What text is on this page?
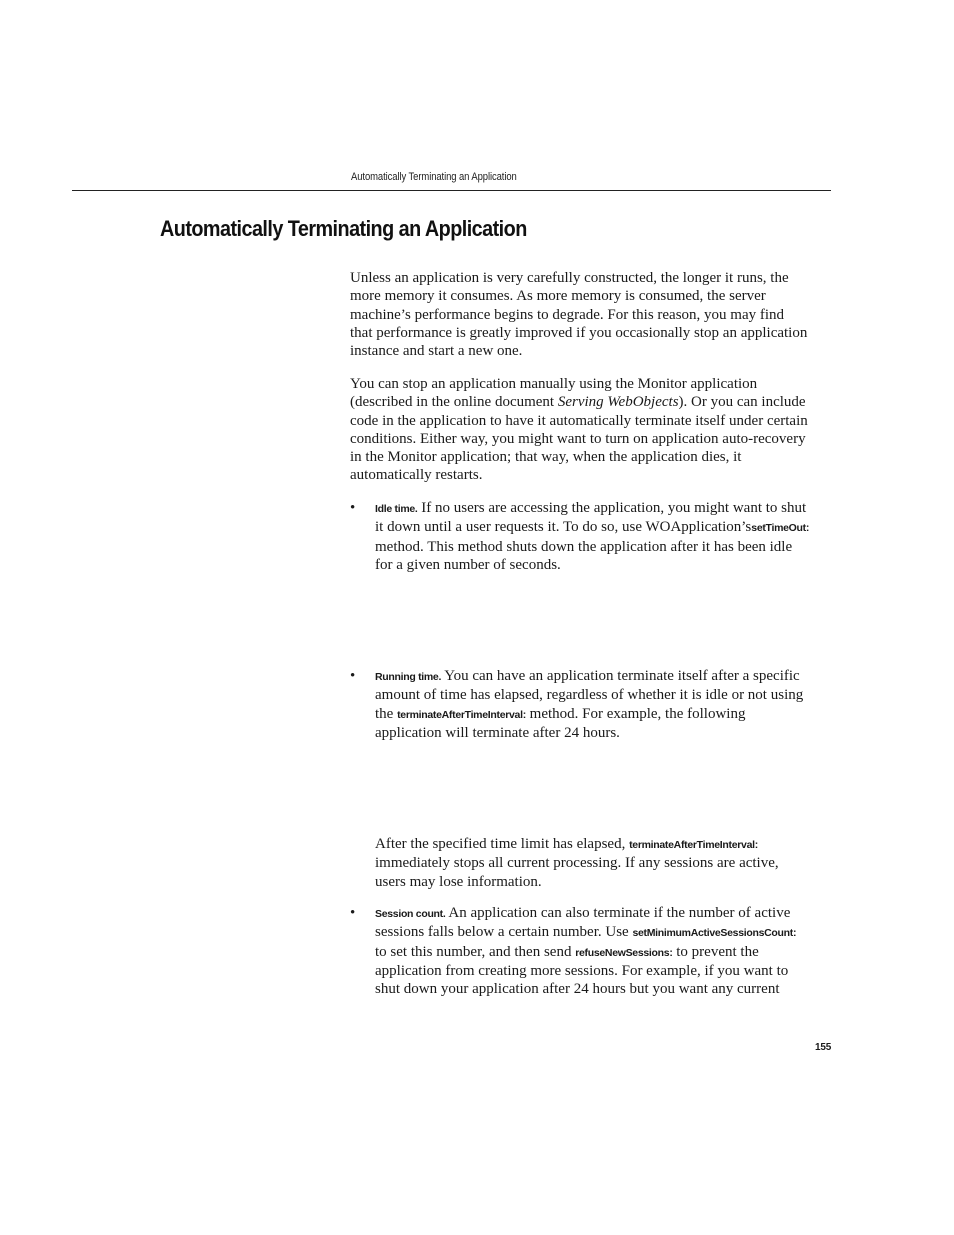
Automatically Terminating an Application
Automatically Terminating an Application

Unless an application is very carefully constructed, the longer it runs, the more memory it consumes. As more memory is consumed, the server machine’s performance begins to degrade. For this reason, you may find that performance is greatly improved if you occasionally stop an application instance and start a new one.

You can stop an application manually using the Monitor application (described in the online document Serving WebObjects). Or you can include code in the application to have it automatically terminate itself under certain conditions. Either way, you might want to turn on application auto-recovery in the Monitor application; that way, when the application dies, it automatically restarts.

•	Idle time. If no users are accessing the application, you might want to shut it down until a user requests it. To do so, use WOApplication’ssetTimeOut: method. This method shuts down the application after it has been idle for a given number of seconds.
•	Running time. You can have an application terminate itself after a specific amount of time has elapsed, regardless of whether it is idle or not using the terminateAfterTimeInterval: method. For example, the following application will terminate after 24 hours.
After the specified time limit has elapsed, terminateAfterTimeInterval: immediately stops all current processing. If any sessions are active, users may lose information.
•	Session count. An application can also terminate if the number of active sessions falls below a certain number. Use setMinimumActiveSessionsCount: to set this number, and then send refuseNewSessions: to prevent the application from creating more sessions. For example, if you want to shut down your application after 24 hours but you want any current
155
